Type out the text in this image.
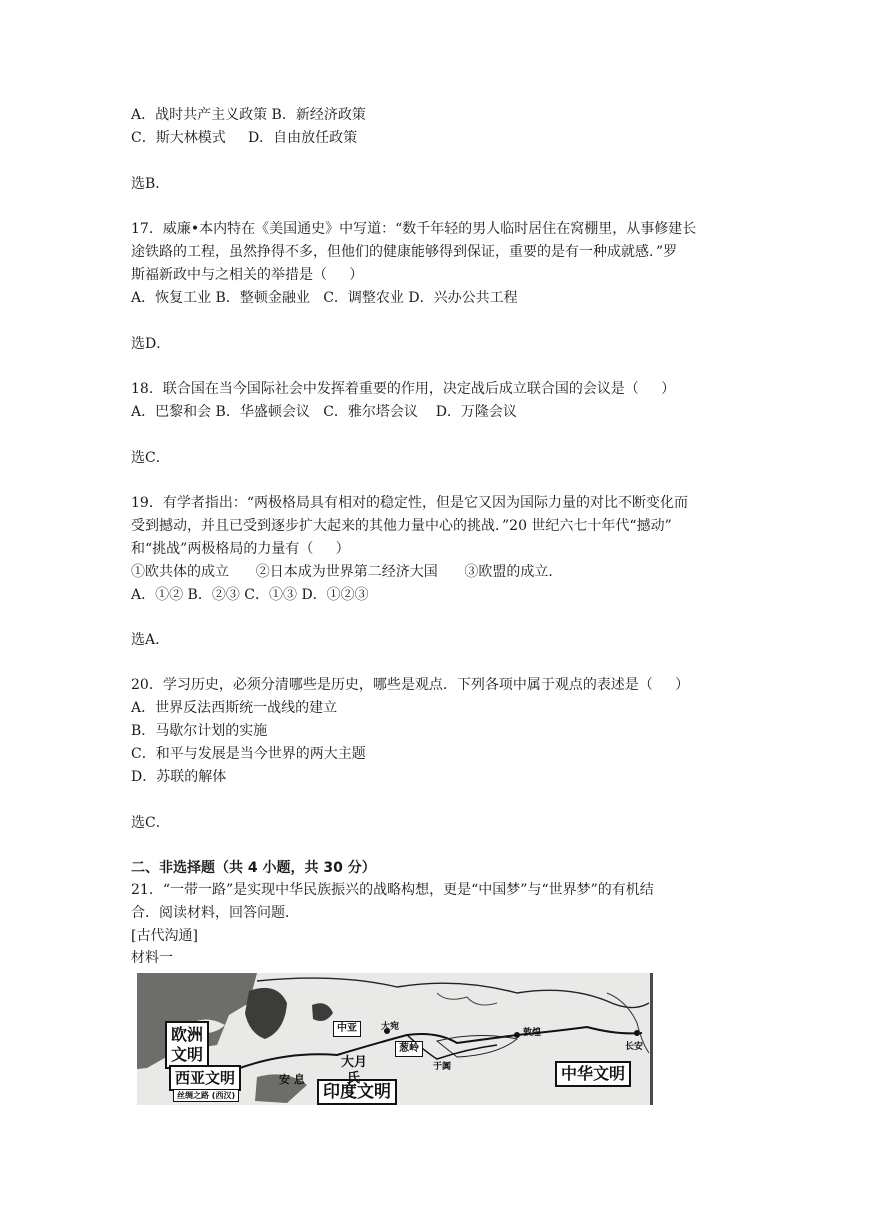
A．战时共产主义政策 B．新经济政策
C．斯大林模式     D．自由放任政策
选B．
17．威廉•本内特在《美国通史》中写道：“数千年轻的男人临时居住在窝棚里，从事修建长
途铁路的工程，虽然挣得不多，但他们的健康能够得到保证，重要的是有一种成就感．”罗
斯福新政中与之相关的举措是（     ）
A．恢复工业 B．整顿金融业   C．调整农业 D．兴办公共工程
选D．
18．联合国在当今国际社会中发挥着重要的作用，决定战后成立联合国的会议是（     ）
A．巴黎和会 B．华盛顿会议   C．雅尔塔会议    D．万隆会议
选C．
19．有学者指出：“两极格局具有相对的稳定性，但是它又因为国际力量的对比不断变化而
受到撼动，并且已受到逐步扩大起来的其他力量中心的挑战．”20 世纪六七十年代“撼动”
和“挑战”两极格局的力量有（     ）
①欧共体的成立      ②日本成为世界第二经济大国      ③欧盟的成立．
A．①② B．②③ C．①③ D．①②③
选A．
20．学习历史，必须分清哪些是历史，哪些是观点．下列各项中属于观点的表述是（     ）
A．世界反法西斯统一战线的建立
B．马歇尔计划的实施
C．和平与发展是当今世界的两大主题
D．苏联的解体
选C．
二、非选择题（共 4 小题，共 30 分）
21．“一带一路”是实现中华民族振兴的战略构想，更是“中国梦”与“世界梦”的有机结
合．阅读材料，回答问题．
[古代沟通]
材料一
欧洲
文明
西亚文明
印度文明
中华文明
安 息
大月
氏
中亚	大宛
葱岭
于阗
敦煌
长安
丝绸之路 (西汉)
